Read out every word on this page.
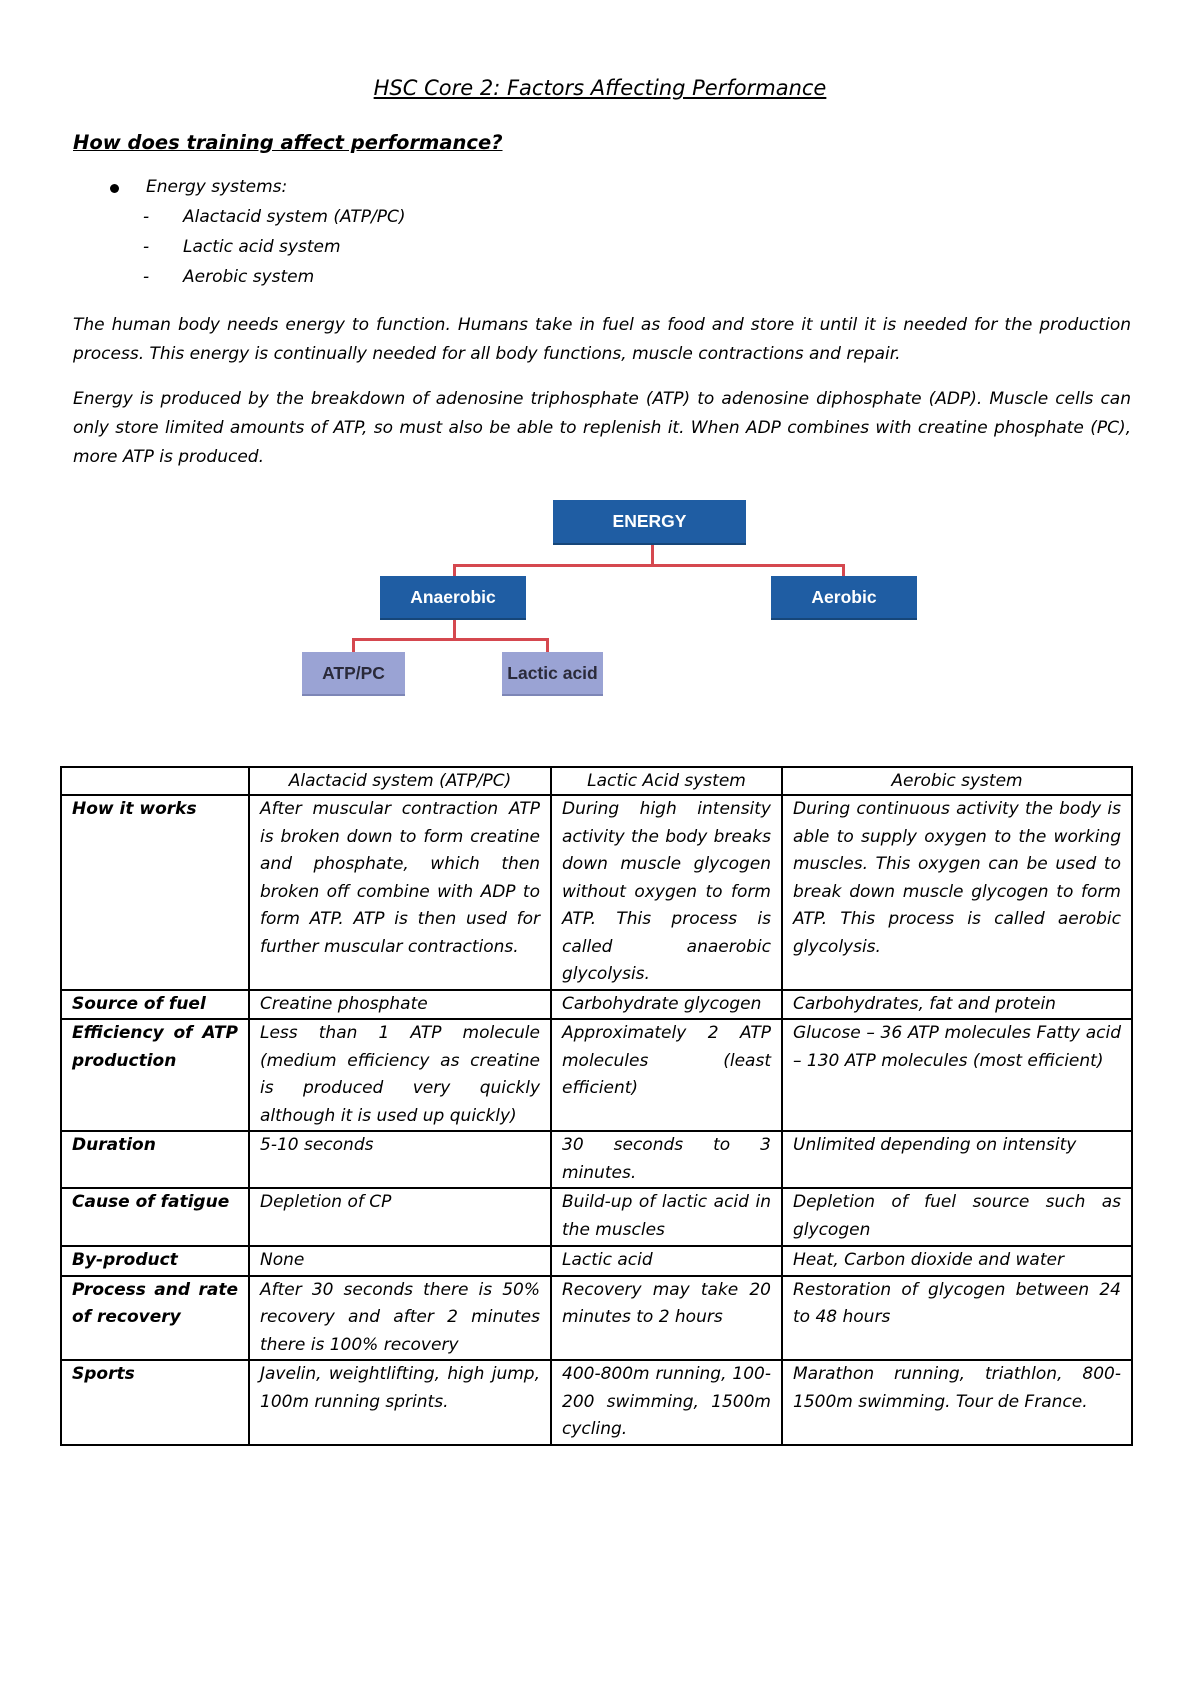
HSC Core 2: Factors Affecting Performance
How does training affect performance?
Energy systems:
- Alactacid system (ATP/PC)
- Lactic acid system
- Aerobic system
The human body needs energy to function. Humans take in fuel as food and store it until it is needed for the production process. This energy is continually needed for all body functions, muscle contractions and repair.
Energy is produced by the breakdown of adenosine triphosphate (ATP) to adenosine diphosphate (ADP). Muscle cells can only store limited amounts of ATP, so must also be able to replenish it. When ADP combines with creatine phosphate (PC), more ATP is produced.
ENERGY
Anaerobic	Aerobic
ATP/PC	Lactic acid
	Alactacid system (ATP/PC)	Lactic Acid system	Aerobic system
How it works	After muscular contraction ATP is broken down to form creatine and phosphate, which then broken off combine with ADP to form ATP. ATP is then used for further muscular contractions.	During high intensity activity the body breaks down muscle glycogen without oxygen to form ATP. This process is called anaerobic glycolysis.	During continuous activity the body is able to supply oxygen to the working muscles. This oxygen can be used to break down muscle glycogen to form ATP. This process is called aerobic glycolysis.
Source of fuel	Creatine phosphate	Carbohydrate glycogen	Carbohydrates, fat and protein
Efficiency of ATP production	Less than 1 ATP molecule (medium efficiency as creatine is produced very quickly although it is used up quickly)	Approximately 2 ATP molecules (least efficient)	Glucose – 36 ATP molecules Fatty acid – 130 ATP molecules (most efficient)
Duration	5-10 seconds	30 seconds to 3 minutes.	Unlimited depending on intensity
Cause of fatigue	Depletion of CP	Build-up of lactic acid in the muscles	Depletion of fuel source such as glycogen
By-product	None	Lactic acid	Heat, Carbon dioxide and water
Process and rate of recovery	After 30 seconds there is 50% recovery and after 2 minutes there is 100% recovery	Recovery may take 20 minutes to 2 hours	Restoration of glycogen between 24 to 48 hours
Sports	Javelin, weightlifting, high jump, 100m running sprints.	400-800m running, 100-200 swimming, 1500m cycling.	Marathon running, triathlon, 800-1500m swimming. Tour de France.
